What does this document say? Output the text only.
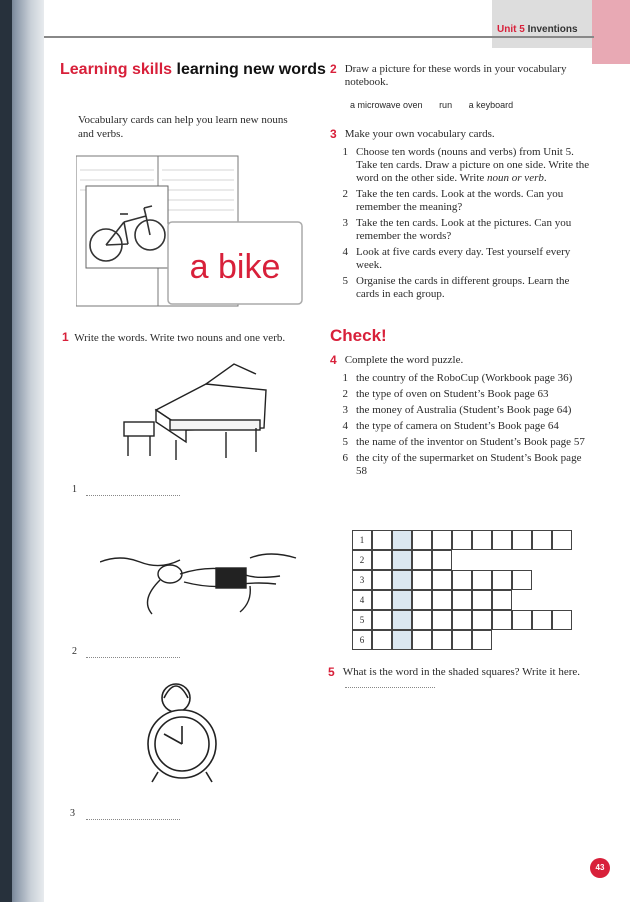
Unit 5 Inventions
Learning skills learning new words
Vocabulary cards can help you learn new nouns and verbs.
a bike
1 Write the words. Write two nouns and one verb.
1
2
3
2 Draw a picture for these words in your vocabulary notebook.
a microwave oven run a keyboard
3 Make your own vocabulary cards.
1 Choose ten words (nouns and verbs) from Unit 5. Take ten cards. Draw a picture on one side. Write the word on the other side. Write noun or verb.
2 Take the ten cards. Look at the words. Can you remember the meaning?
3 Take the ten cards. Look at the pictures. Can you remember the words?
4 Look at five cards every day. Test yourself every week.
5 Organise the cards in different groups. Learn the cards in each group.
Check!
4 Complete the word puzzle.
1 the country of the RoboCup (Workbook page 36)
2 the type of oven on Student’s Book page 63
3 the money of Australia (Student’s Book page 64)
4 the type of camera on Student’s Book page 64
5 the name of the inventor on Student’s Book page 57
6 the city of the supermarket on Student’s Book page 58
1
2
3
4
5
6
5 What is the word in the shaded squares? Write it here.
43
